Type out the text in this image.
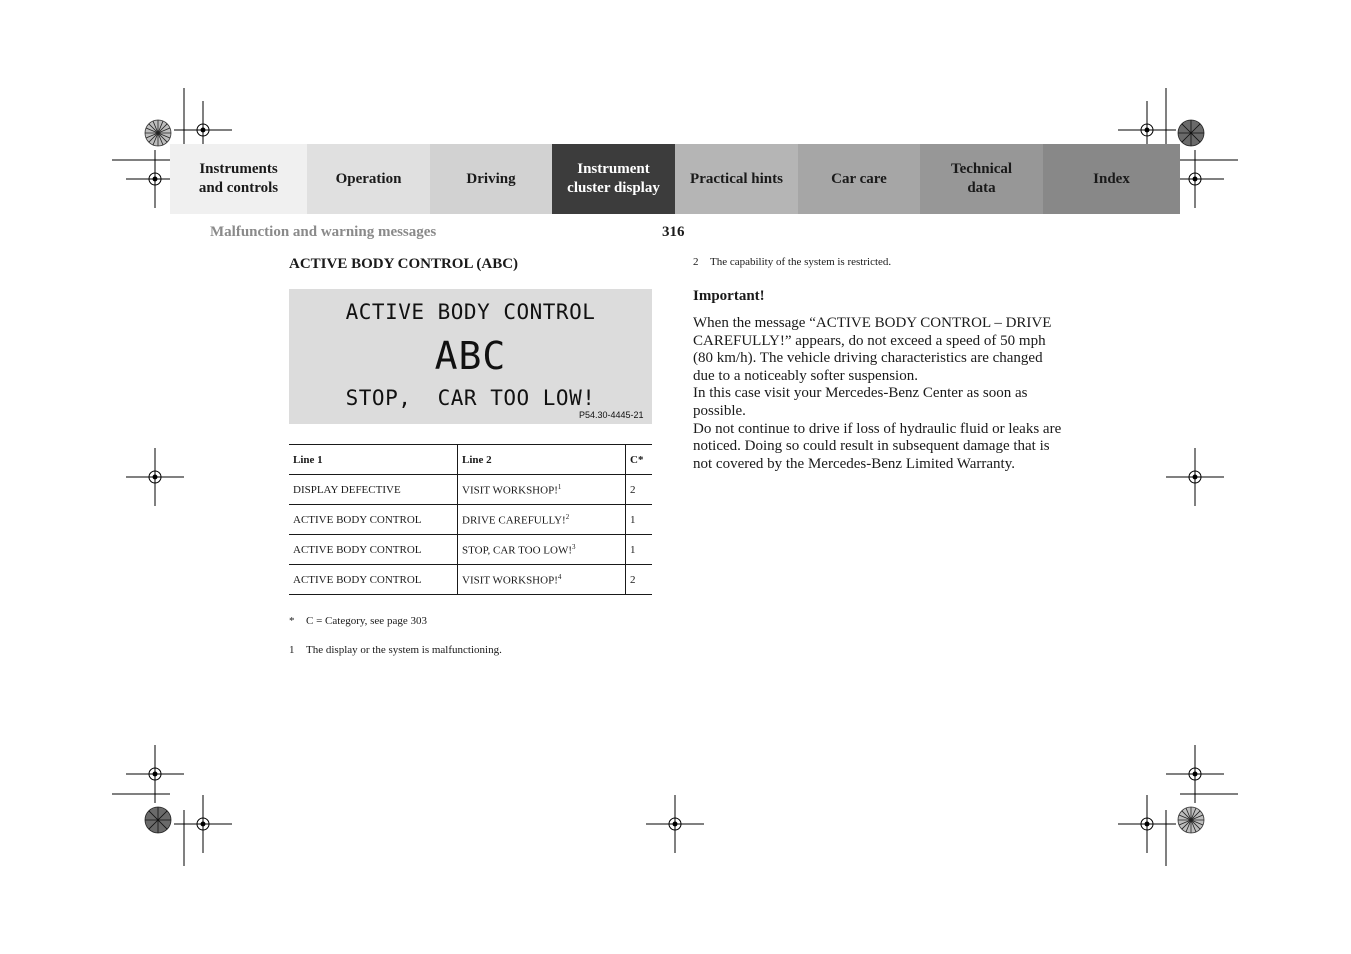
Instruments
and controls
Operation	Driving
Instrument
cluster display
Practical hints	Car care
Technical
data
Index
Malfunction and warning messages	316
ACTIVE BODY CONTROL (ABC)
ACTIVE BODY CONTROL
ABC
STOP,  CAR TOO LOW!
P54.30-4445-21
Line 1	Line 2	C*
DISPLAY DEFECTIVE	VISIT WORKSHOP!$^1$	2
ACTIVE BODY CONTROL	DRIVE CAREFULLY!$^2$	1
ACTIVE BODY CONTROL	STOP, CAR TOO LOW!$^3$	1
ACTIVE BODY CONTROL	VISIT WORKSHOP!$^4$	2
* C = Category, see page 303
1 The display or the system is malfunctioning.
2 The capability of the system is restricted.
Important!

When the message “ACTIVE BODY CONTROL – DRIVE CAREFULLY!” appears, do not exceed a speed of 50 mph (80 km/h). The vehicle driving characteristics are changed due to a noticeably softer suspension.

In this case visit your Mercedes-Benz Center as soon as possible.

Do not continue to drive if loss of hydraulic fluid or leaks are noticed. Doing so could result in subsequent damage that is not covered by the Mercedes-Benz Limited Warranty.
